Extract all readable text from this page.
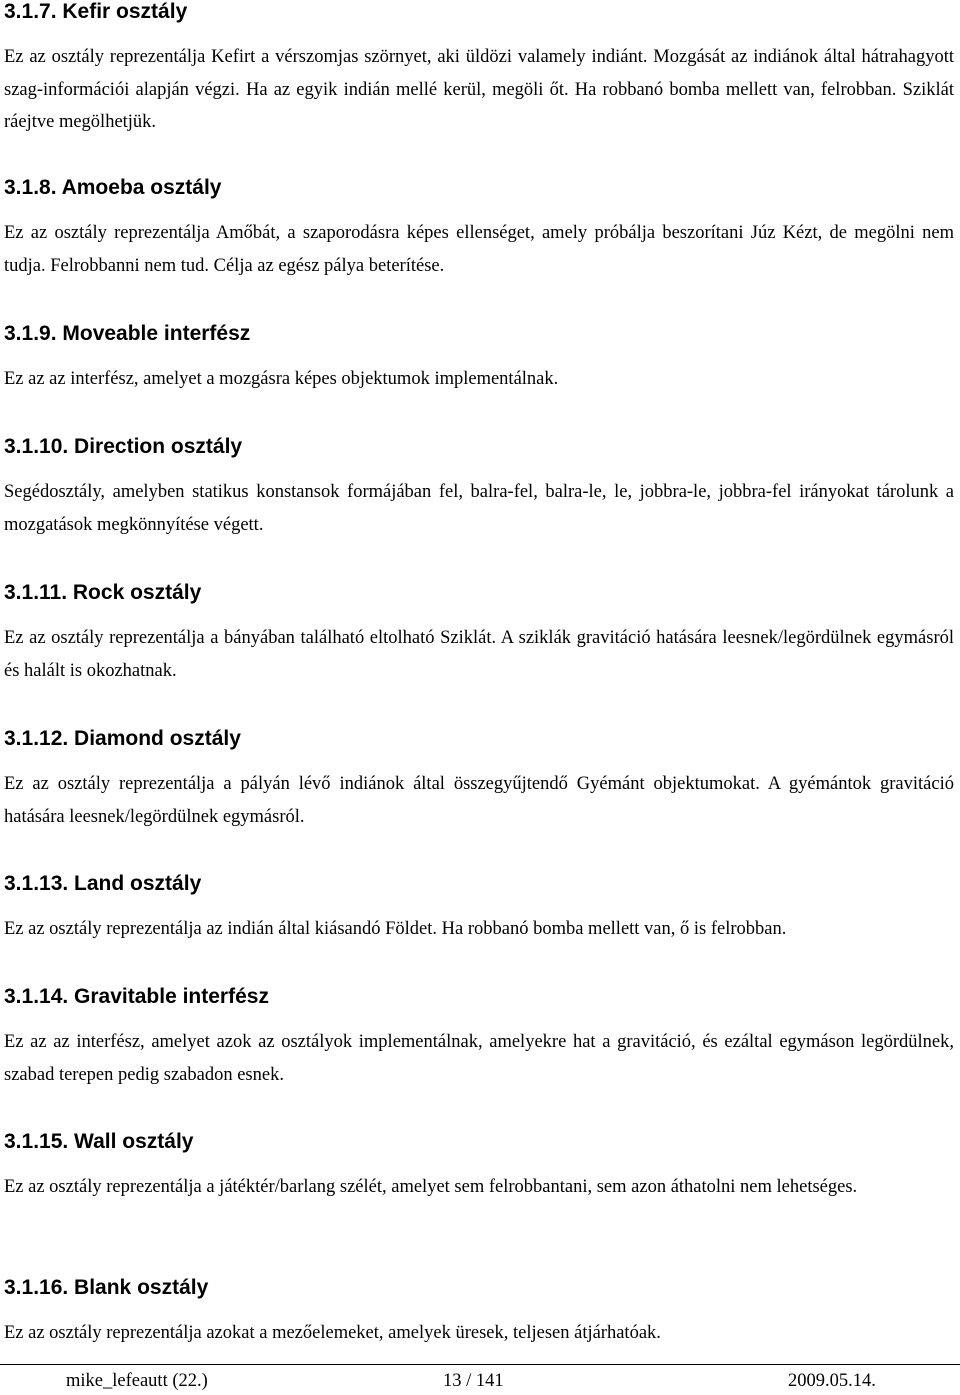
3.1.7. Kefir osztály

Ez az osztály reprezentálja Kefirt a vérszomjas szörnyet, aki üldözi valamely indiánt. Mozgását az indiánok által hátrahagyott szag-információi alapján végzi. Ha az egyik indián mellé kerül, megöli őt. Ha robbanó bomba mellett van, felrobban. Sziklát ráejtve megölhetjük.

3.1.8. Amoeba osztály

Ez az osztály reprezentálja Amőbát, a szaporodásra képes ellenséget, amely próbálja beszorítani Júz Kézt, de megölni nem tudja. Felrobbanni nem tud. Célja az egész pálya beterítése.

3.1.9. Moveable interfész

Ez az az interfész, amelyet a mozgásra képes objektumok implementálnak.

3.1.10. Direction osztály

Segédosztály, amelyben statikus konstansok formájában fel, balra-fel, balra-le, le, jobbra-le, jobbra-fel irányokat tárolunk a mozgatások megkönnyítése végett.

3.1.11. Rock osztály

Ez az osztály reprezentálja a bányában található eltolható Sziklát. A sziklák gravitáció hatására leesnek/legördülnek egymásról és halált is okozhatnak.

3.1.12. Diamond osztály

Ez az osztály reprezentálja a pályán lévő indiánok által összegyűjtendő Gyémánt objektumokat. A gyémántok gravitáció hatására leesnek/legördülnek egymásról.

3.1.13. Land osztály

Ez az osztály reprezentálja az indián által kiásandó Földet. Ha robbanó bomba mellett van, ő is felrobban.

3.1.14. Gravitable interfész

Ez az az interfész, amelyet azok az osztályok implementálnak, amelyekre hat a gravitáció, és ezáltal egymáson legördülnek, szabad terepen pedig szabadon esnek.

3.1.15. Wall osztály

Ez az osztály reprezentálja a játéktér/barlang szélét, amelyet sem felrobbantani, sem azon áthatolni nem lehetséges.

3.1.16. Blank osztály

Ez az osztály reprezentálja azokat a mezőelemeket, amelyek üresek, teljesen átjárhatóak.

mike_lefeautt (22.)	13 / 141	2009.05.14.
